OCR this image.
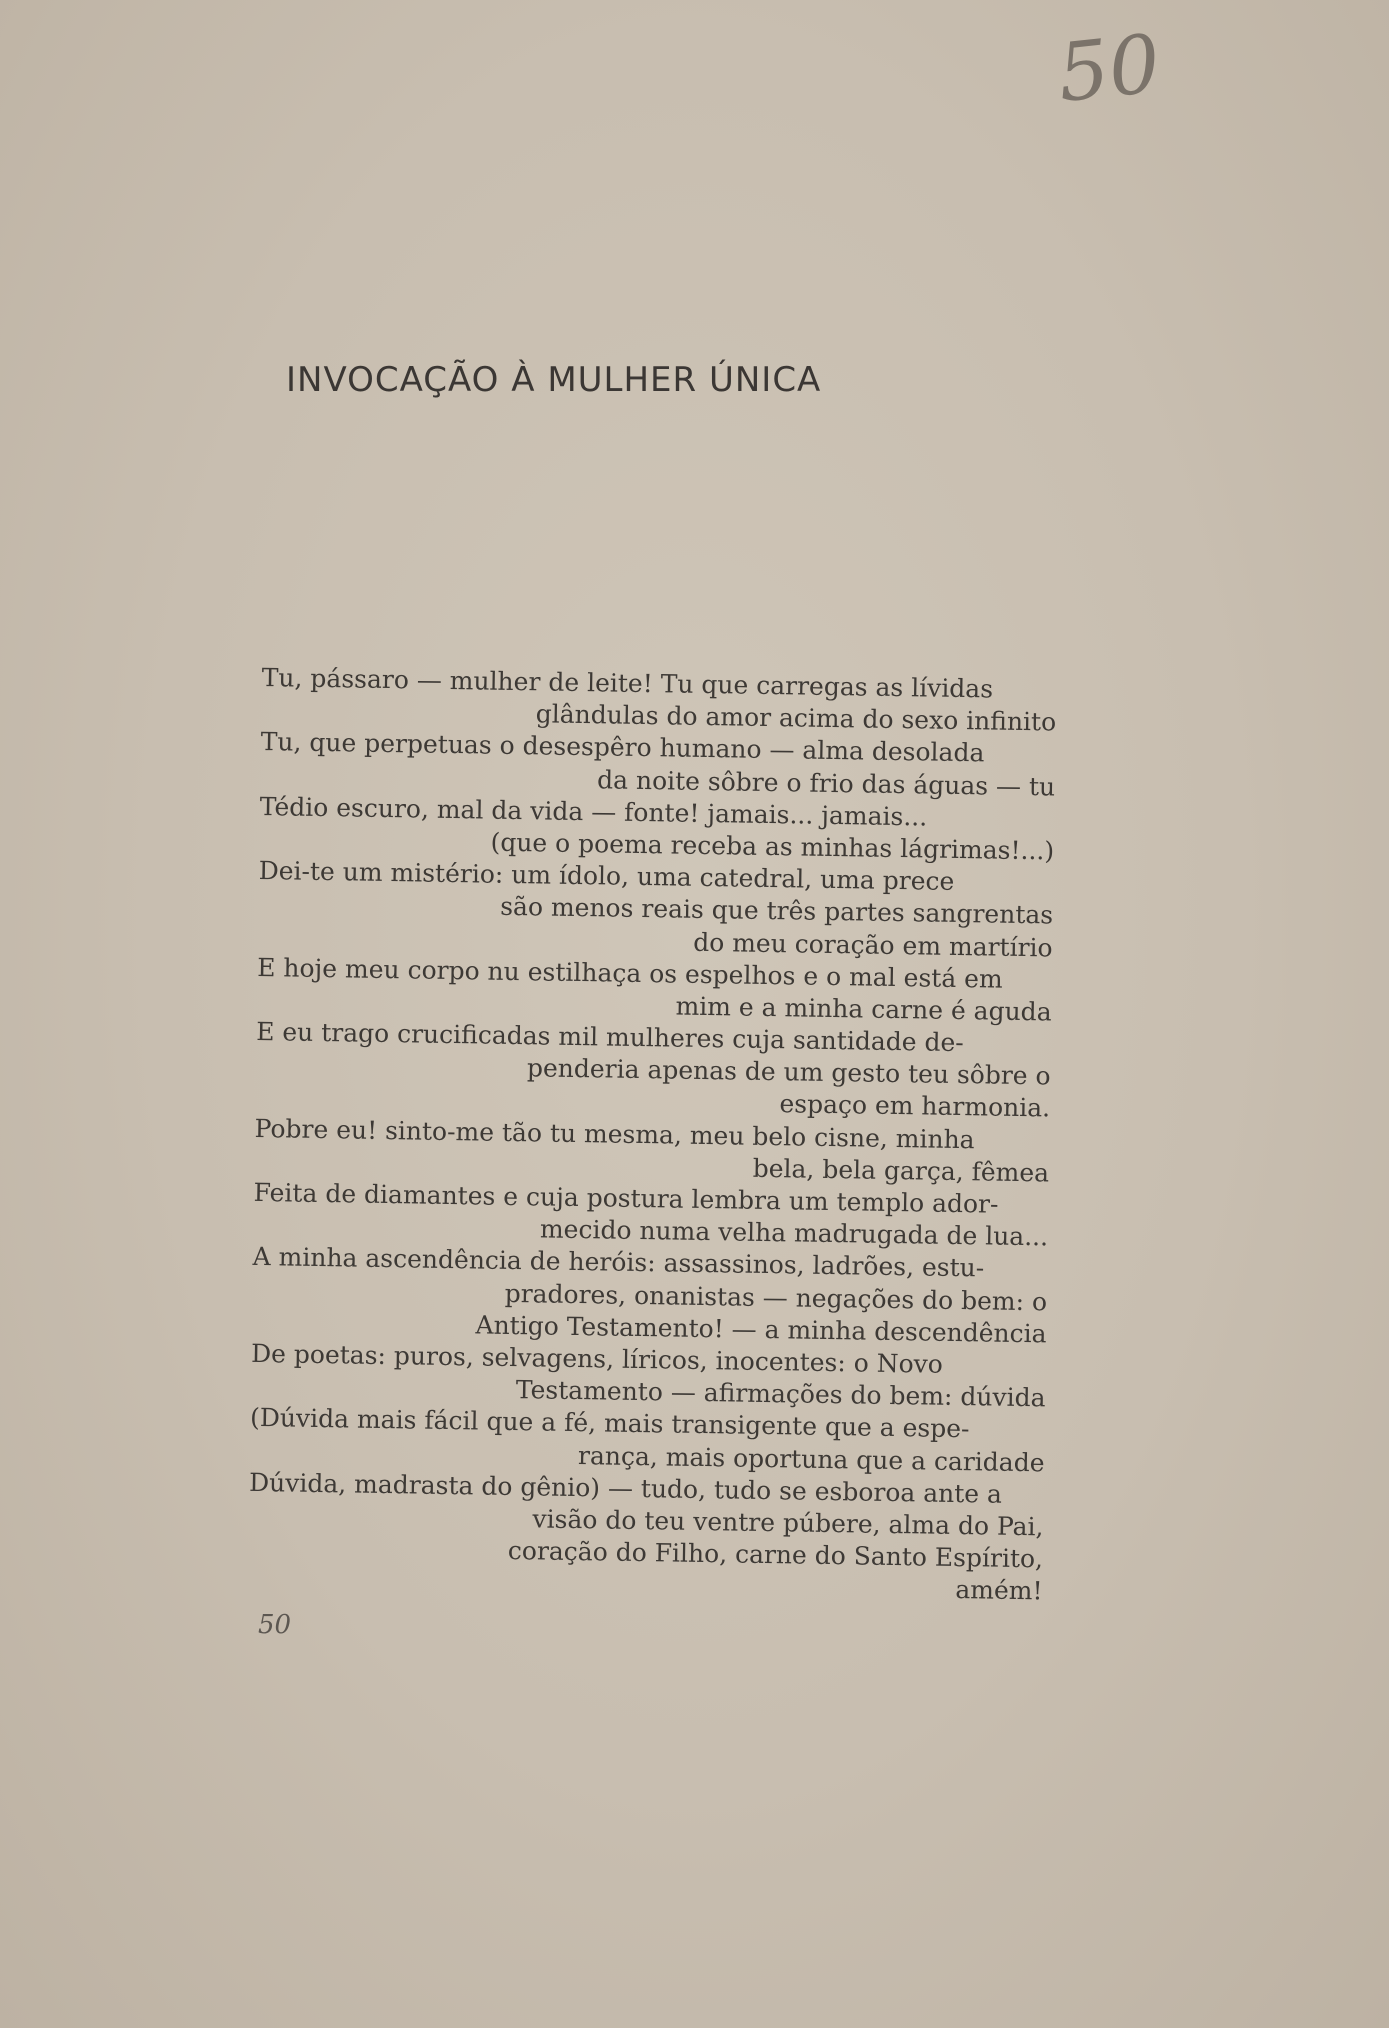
50
INVOCAÇÃO À MULHER ÚNICA
Tu, pássaro — mulher de leite! Tu que carregas as lívidas
glândulas do amor acima do sexo infinito
Tu, que perpetuas o desespêro humano — alma desolada
da noite sôbre o frio das águas — tu
Tédio escuro, mal da vida — fonte! jamais... jamais...
(que o poema receba as minhas lágrimas!...)
Dei-te um mistério: um ídolo, uma catedral, uma prece
são menos reais que três partes sangrentas
do meu coração em martírio
E hoje meu corpo nu estilhaça os espelhos e o mal está em
mim e a minha carne é aguda
E eu trago crucificadas mil mulheres cuja santidade de-
penderia apenas de um gesto teu sôbre o
espaço em harmonia.
Pobre eu! sinto-me tão tu mesma, meu belo cisne, minha
bela, bela garça, fêmea
Feita de diamantes e cuja postura lembra um templo ador-
mecido numa velha madrugada de lua...
A minha ascendência de heróis: assassinos, ladrões, estu-
pradores, onanistas — negações do bem: o
Antigo Testamento! — a minha descendência
De poetas: puros, selvagens, líricos, inocentes: o Novo
Testamento — afirmações do bem: dúvida
(Dúvida mais fácil que a fé, mais transigente que a espe-
rança, mais oportuna que a caridade
Dúvida, madrasta do gênio) — tudo, tudo se esboroa ante a
visão do teu ventre púbere, alma do Pai,
coração do Filho, carne do Santo Espírito,
amém!
50
